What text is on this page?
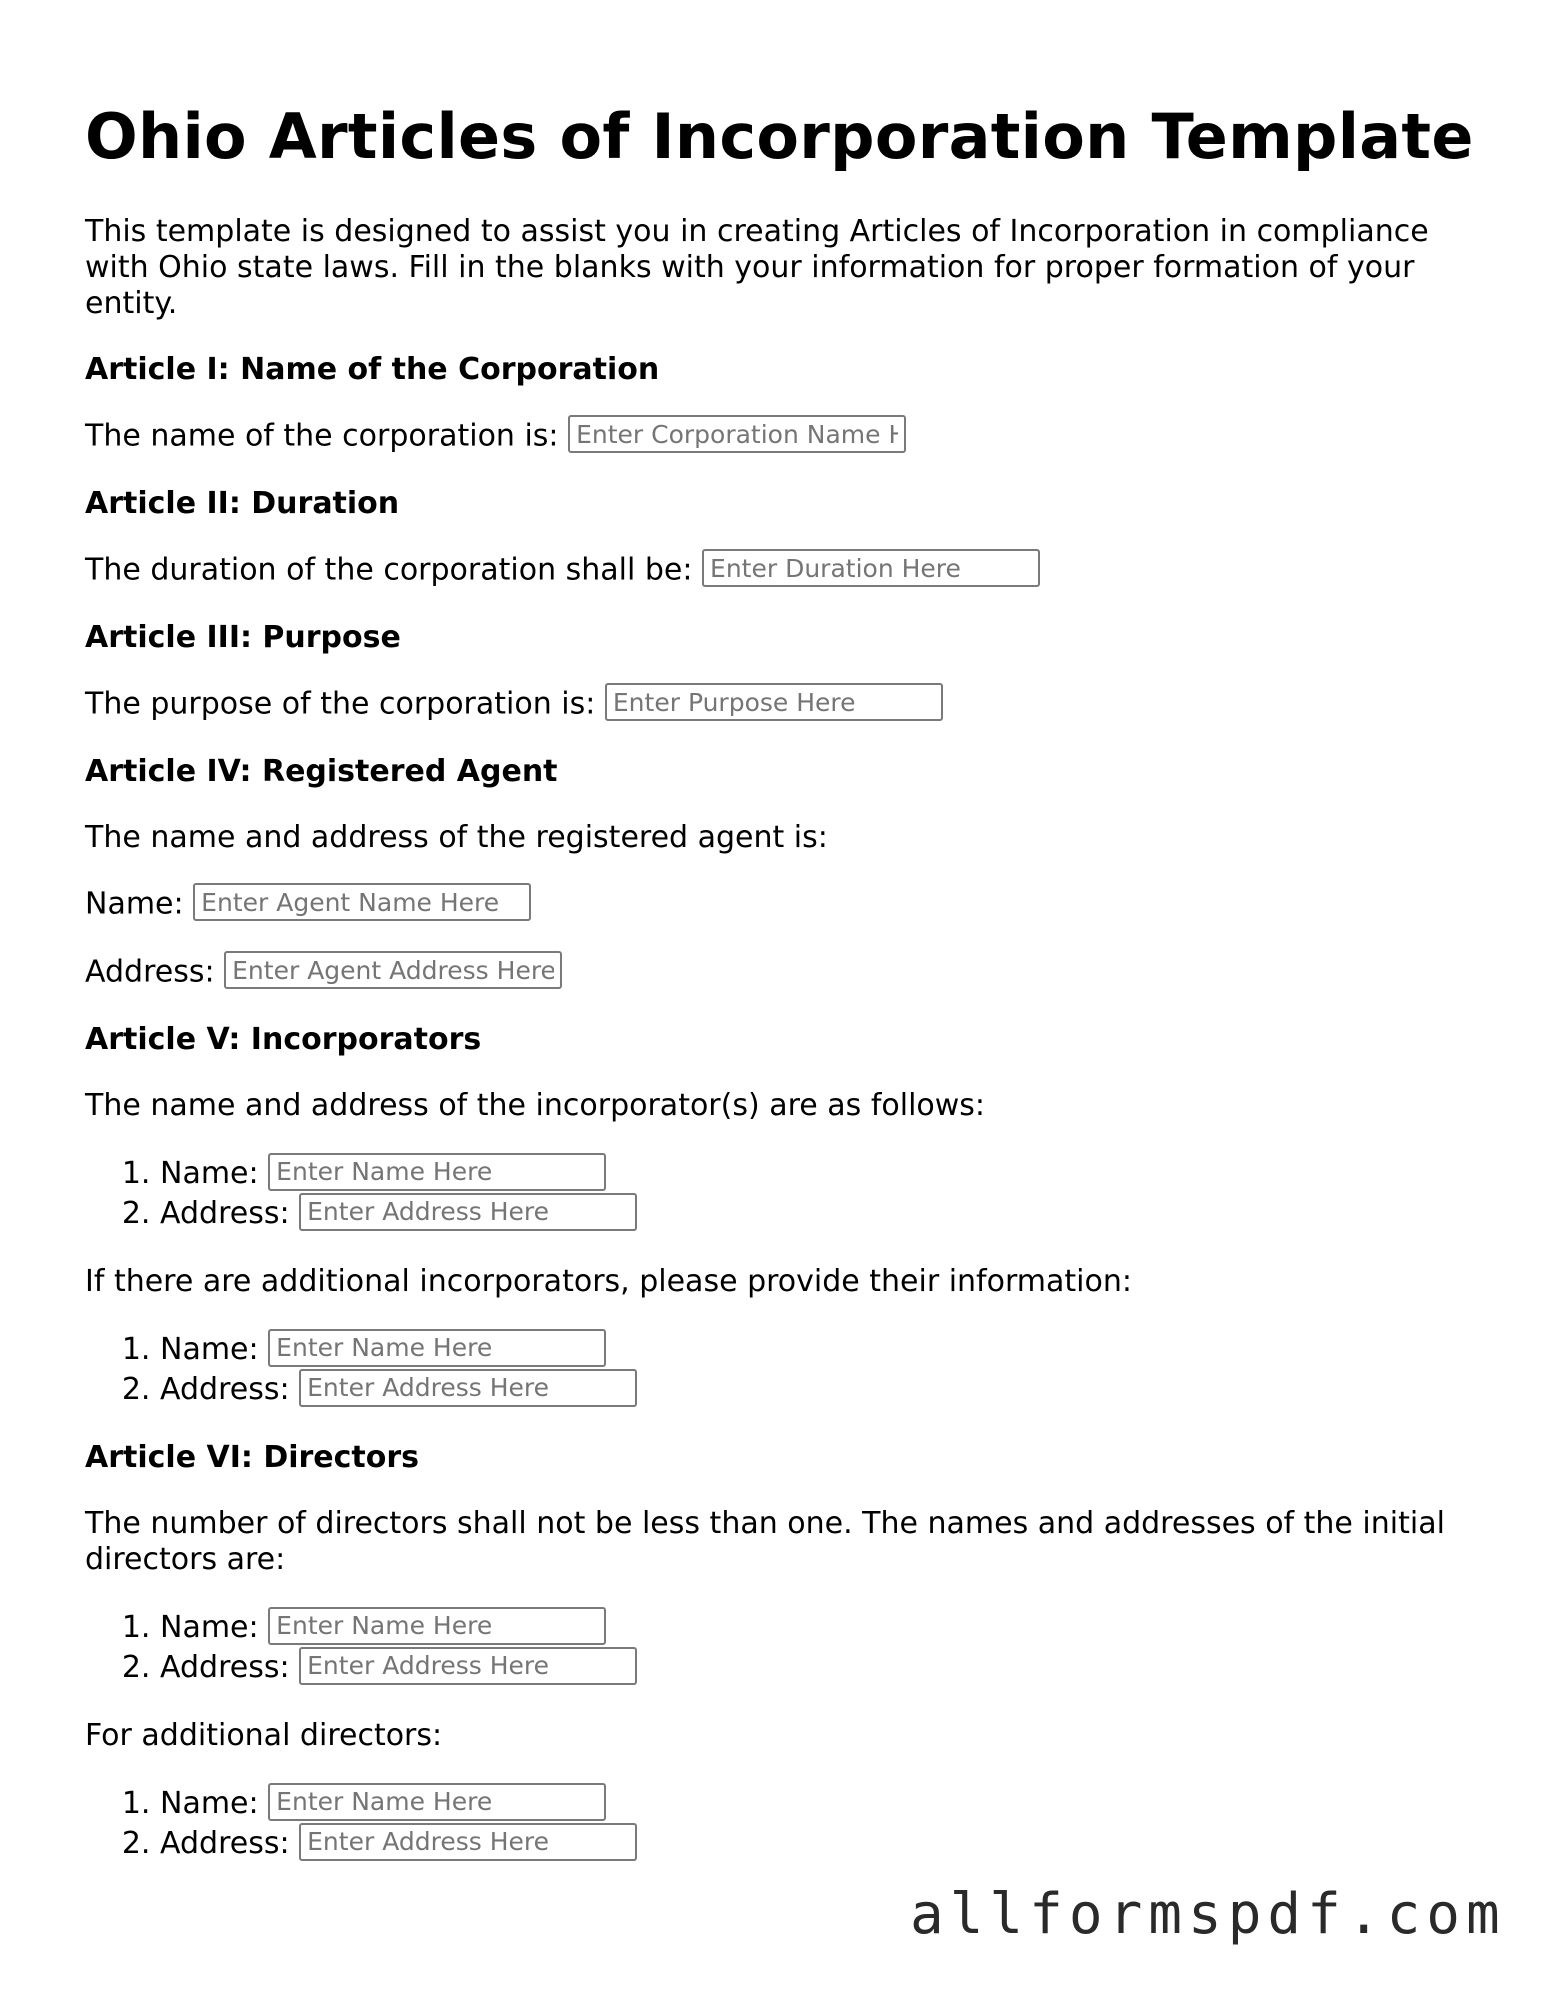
Ohio Articles of Incorporation Template

This template is designed to assist you in creating Articles of Incorporation in compliance with Ohio state laws. Fill in the blanks with your information for proper formation of your entity.

Article I: Name of the Corporation

The name of the corporation is: Enter Corporation Name Here

Article II: Duration

The duration of the corporation shall be: Enter Duration Here

Article III: Purpose

The purpose of the corporation is: Enter Purpose Here

Article IV: Registered Agent

The name and address of the registered agent is:

Name: Enter Agent Name Here

Address: Enter Agent Address Here

Article V: Incorporators

The name and address of the incorporator(s) are as follows:

1. Name: Enter Name Here
2. Address: Enter Address Here

If there are additional incorporators, please provide their information:

1. Name: Enter Name Here
2. Address: Enter Address Here
Article VI: Directors

The number of directors shall not be less than one. The names and addresses of the initial directors are:

1. Name: Enter Name Here
2. Address: Enter Address Here

For additional directors:

1. Name: Enter Name Here
2. Address: Enter Address Here
allformspdf.com
